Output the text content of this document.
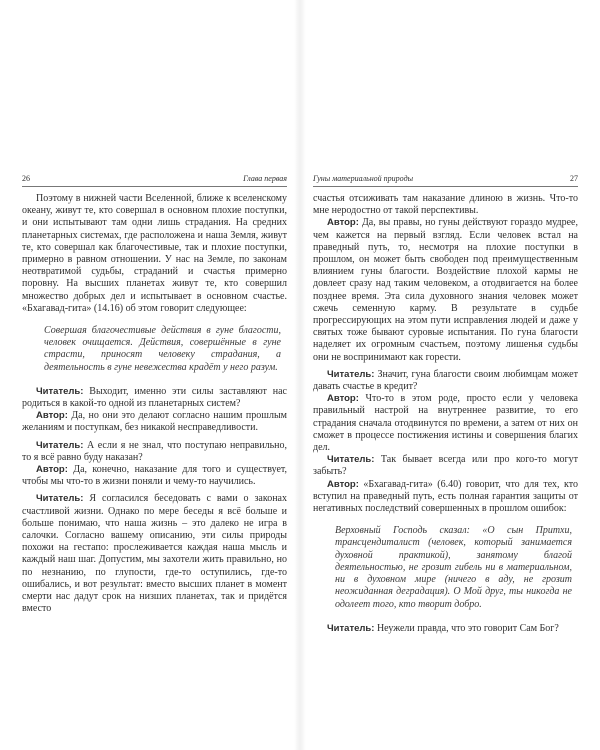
26	Глава первая

Поэтому в нижней части Вселенной, ближе к вселенскому океану, живут те, кто совершал в основном плохие поступки, и они испытывают там одни лишь страдания. На средних планетарных системах, где расположена и наша Земля, живут те, кто совершал как благочестивые, так и плохие поступки, примерно в равном отношении. У нас на Земле, по законам неотвратимой судьбы, страданий и счастья примерно поровну. На высших планетах живут те, кто совершил множество добрых дел и испытывает в основном счастье. «Бхагавад-гита» (14.16) об этом говорит следующее:

Совершая благочестивые действия в гуне благости, человек очищается. Действия, совершённые в гуне страсти, приносят человеку страдания, а деятельность в гуне невежества крадёт у него разум.

Читатель: Выходит, именно эти силы заставляют нас родиться в какой-то одной из планетарных систем?

Автор: Да, но они это делают согласно нашим прошлым желаниям и поступкам, без никакой несправедливости.

Читатель: А если я не знал, что поступаю неправильно, то я всё равно буду наказан?

Автор: Да, конечно, наказание для того и существует, чтобы мы что-то в жизни поняли и чему-то научились.

Читатель: Я согласился беседовать с вами о законах счастливой жизни. Однако по мере беседы я всё больше и больше понимаю, что наша жизнь – это далеко не игра в салочки. Согласно вашему описанию, эти силы природы похожи на гестапо: прослеживается каждая наша мысль и каждый наш шаг. Допустим, мы захотели жить правильно, но по незнанию, по глупости, где-то оступились, где-то ошибались, и вот результат: вместо высших планет в момент смерти нас дадут срок на низших планетах, так и придётся вместо

Гуны материальной природы	27

счастья отсиживать там наказание длиною в жизнь. Что-то мне неродостно от такой перспективы.

Автор: Да, вы правы, но гуны действуют гораздо мудрее, чем кажется на первый взгляд. Если человек встал на праведный путь, то, несмотря на плохие поступки в прошлом, он может быть свободен под преимущественным влиянием гуны благости. Воздействие плохой кармы не довлеет сразу над таким человеком, а отодвигается на более позднее время. Эта сила духовного знания человек может сжечь семенную карму. В результате в судьбе прогрессирующих на этом пути исправления людей и даже у святых тоже бывают суровые испытания. По гуна благости наделяет их огромным счастьем, поэтому лишенья судьбы они не воспринимают как горести.

Читатель: Значит, гуна благости своим любимцам может давать счастье в кредит?

Автор: Что-то в этом роде, просто если у человека правильный настрой на внутреннее развитие, то его страдания сначала отодвинутся по времени, а затем от них он сможет в процессе постижения истины и совершения благих дел.

Читатель: Так бывает всегда или про кого-то могут забыть?

Автор: «Бхагавад-гита» (6.40) говорит, что для тех, кто вступил на праведный путь, есть полная гарантия защиты от негативных последствий совершенных в прошлом ошибок:

Верховный Господь сказал: «О сын Притхи, трансцендиталист (человек, который занимается духовной практикой), занятому благой деятельностью, не грозит гибель ни в материальном, ни в духовном мире (ничего в аду, не грозит неожиданная деградация). О Мой друг, ты никогда не одолеет того, кто творит добро.

Читатель: Неужели правда, что это говорит Сам Бог?
